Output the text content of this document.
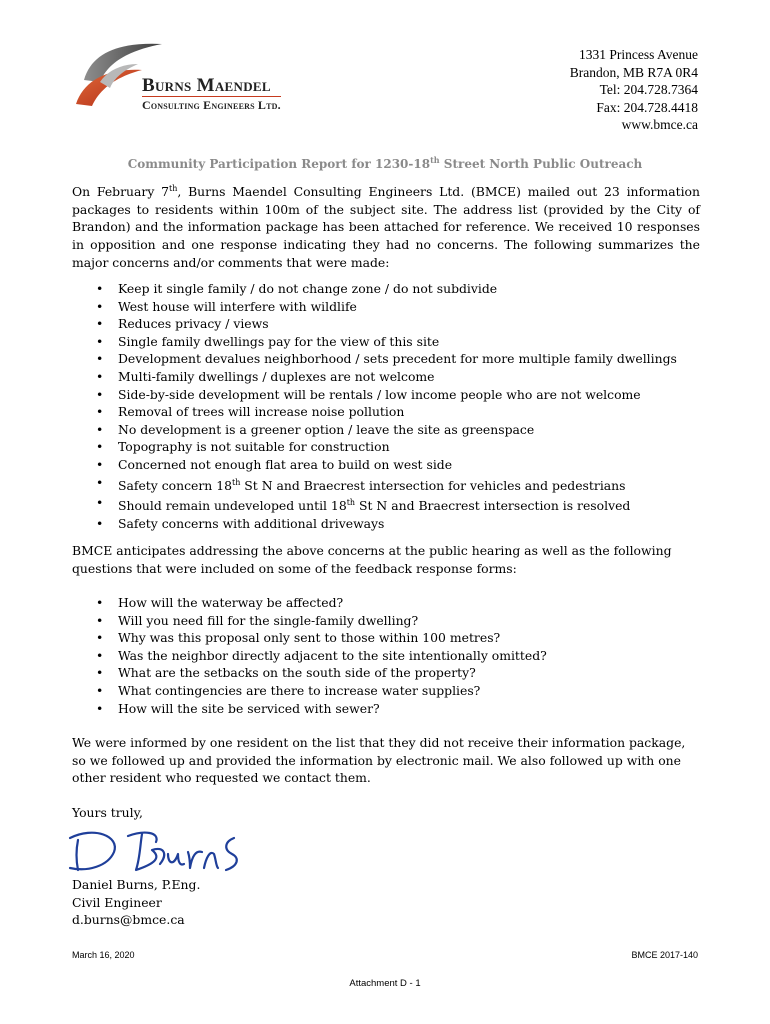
Burns Maendel
Consulting Engineers Ltd.
1331 Princess Avenue
Brandon, MB R7A 0R4
Tel: 204.728.7364
Fax: 204.728.4418
www.bmce.ca
Community Participation Report for 1230-18th Street North Public Outreach
On February 7th, Burns Maendel Consulting Engineers Ltd. (BMCE) mailed out 23 information packages to residents within 100m of the subject site. The address list (provided by the City of Brandon) and the information package has been attached for reference. We received 10 responses in opposition and one response indicating they had no concerns. The following summarizes the major concerns and/or comments that were made:
• Keep it single family / do not change zone / do not subdivide
• West house will interfere with wildlife
• Reduces privacy / views
• Single family dwellings pay for the view of this site
• Development devalues neighborhood / sets precedent for more multiple family dwellings
• Multi-family dwellings / duplexes are not welcome
• Side-by-side development will be rentals / low income people who are not welcome
• Removal of trees will increase noise pollution
• No development is a greener option / leave the site as greenspace
• Topography is not suitable for construction
• Concerned not enough flat area to build on west side
• Safety concern 18th St N and Braecrest intersection for vehicles and pedestrians
• Should remain undeveloped until 18th St N and Braecrest intersection is resolved
• Safety concerns with additional driveways
BMCE anticipates addressing the above concerns at the public hearing as well as the following questions that were included on some of the feedback response forms:
• How will the waterway be affected?
• Will you need fill for the single-family dwelling?
• Why was this proposal only sent to those within 100 metres?
• Was the neighbor directly adjacent to the site intentionally omitted?
• What are the setbacks on the south side of the property?
• What contingencies are there to increase water supplies?
• How will the site be serviced with sewer?
We were informed by one resident on the list that they did not receive their information package, so we followed up and provided the information by electronic mail. We also followed up with one other resident who requested we contact them.
Yours truly,
Daniel Burns, P.Eng.
Civil Engineer
d.burns@bmce.ca
March 16, 2020	BMCE 2017-140
Attachment D - 1
